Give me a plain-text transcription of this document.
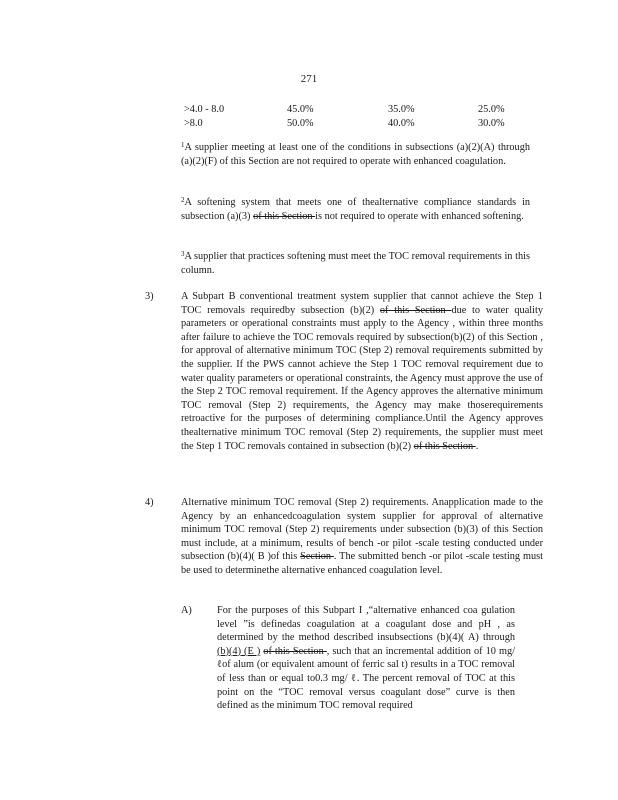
271
>4.0 - 8.0	45.0%	35.0%	25.0%
>8.0	50.0%	40.0%	30.0%
$^1$A supplier meeting at least one of the conditions in subsections (a)(2)(A) through (a)(2)(F) of this Section are not required to operate with enhanced coagulation.
$^2$A softening system that meets one of thealternative compliance standards in subsection (a)(3) of this Section is not required to operate with enhanced softening.
$^3$A supplier that practices softening must meet the TOC removal requirements in this column.
3)	A Subpart B conventional treatment system supplier that cannot achieve the Step 1 TOC removals requiredby subsection (b)(2) of this Section due to water quality parameters or operational constraints must apply to the Agency , within three months after failure to achieve the TOC removals required by subsection(b)(2) of this Section , for approval of alternative minimum TOC (Step 2) removal requirements submitted by the supplier. If the PWS cannot achieve the Step 1 TOC removal requirement due to water quality parameters or operational constraints, the Agency must approve the use of the Step 2 TOC removal requirement. If the Agency approves the alternative minimum TOC removal (Step 2) requirements, the Agency may make thoserequirements retroactive for the purposes of determining compliance.Until the Agency approves thealternative minimum TOC removal (Step 2) requirements, the supplier must meet the Step 1 TOC removals contained in subsection (b)(2) of this Section .
4)	Alternative minimum TOC removal (Step 2) requirements. Anapplication made to the Agency by an enhancedcoagulation system supplier for approval of alternative minimum TOC removal (Step 2) requirements under subsection (b)(3) of this Section must include, at a minimum, results of bench -or pilot -scale testing conducted under subsection (b)(4)( B )of this Section . The submitted bench -or pilot -scale testing must be used to determinethe alternative enhanced coagulation level.
A) For the purposes of this Subpart I ,“alternative enhanced coa gulation level ”is definedas coagulation at a coagulant dose and pH , as determined by the method described insubsections (b)(4)( A) through (b)(4) (E ) of this Section , such that an incremental addition of 10 mg/ ℓof alum (or equivalent amount of ferric sal t) results in a TOC removal of less than or equal to0.3 mg/ ℓ. The percent removal of TOC at this point on the “TOC removal versus coagulant dose” curve is then defined as the minimum TOC removal required
